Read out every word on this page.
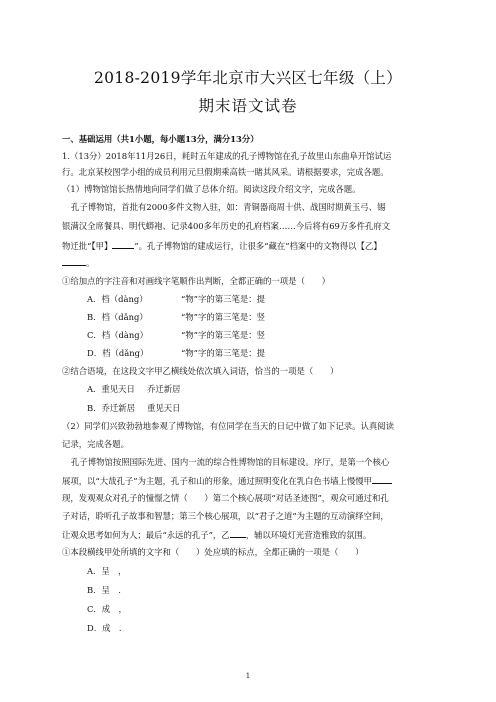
2018-2019学年北京市大兴区七年级（上）
期末语文试卷
一、基础运用（共1小题，每小题13分，满分13分）
1.（13分）2018年11月26日，耗时五年建成的孔子博物馆在孔子故里山东曲阜开馆试运
行。北京某校图学小组的成员利用元旦假期乘高铁一睹其风采。请根据要求，完成各题。
（1）博物馆馆长热情地向同学们做了总体介绍。阅读这段介绍文字，完成各题。
孔子博物馆，首批有2000多件文物入驻，如：青铜器商周十供、战国时期黄玉弓、锡
银满汉全席餐具、明代蟒袍、记录400多年历史的孔府档案……今后将有69万多件孔府文
物迁批“【甲】	”。孔子博物馆的建成运行，让很多“藏在”档案中的文物得以【乙】
。
①给加点的字注音和对画线字笔顺作出判断，全都正确的一项是（　　）
A．档（dàng）	“物”字的第三笔是：提
B．档（dǎng）	“物”字的第三笔是：竖
C．档（dàng）	“物”字的第三笔是：竖
D．档（dǎng）	“物”字的第三笔是：提
②结合语境，在这段文字甲乙横线处依次填入词语，恰当的一项是（　　）
A．重见天日 乔迁新居
B．乔迁新居 重见天日
（2）同学们兴致勃勃地参观了博物馆，有位同学在当天的日记中做了如下记录。认真阅读
记录，完成各题。
孔子博物馆按照国际先进、国内一流的综合性博物馆的目标建设。序厅，是第一个核心
展项，以“大哉孔子”为主题，孔子和山的形象，通过照明变化在乳白色书墙上慢慢甲
现，发观观众对孔子的憧憬之情（　　）第二个核心展项“对话圣迹图”，观众可通过和孔
子对话，聆听孔子故事和智慧；第三个核心展项，以“君子之道”为主题的互动演绎空间，
让观众思考如何为人；最后“永远的孔子”，乙 ，辅以环境灯光营造雅致的氛围。
①本段横线甲处所填的文字和（　　）处应填的标点，全都正确的一项是（　　）
A．呈　，
B．呈　.
C．成　，
D．成　.
1
